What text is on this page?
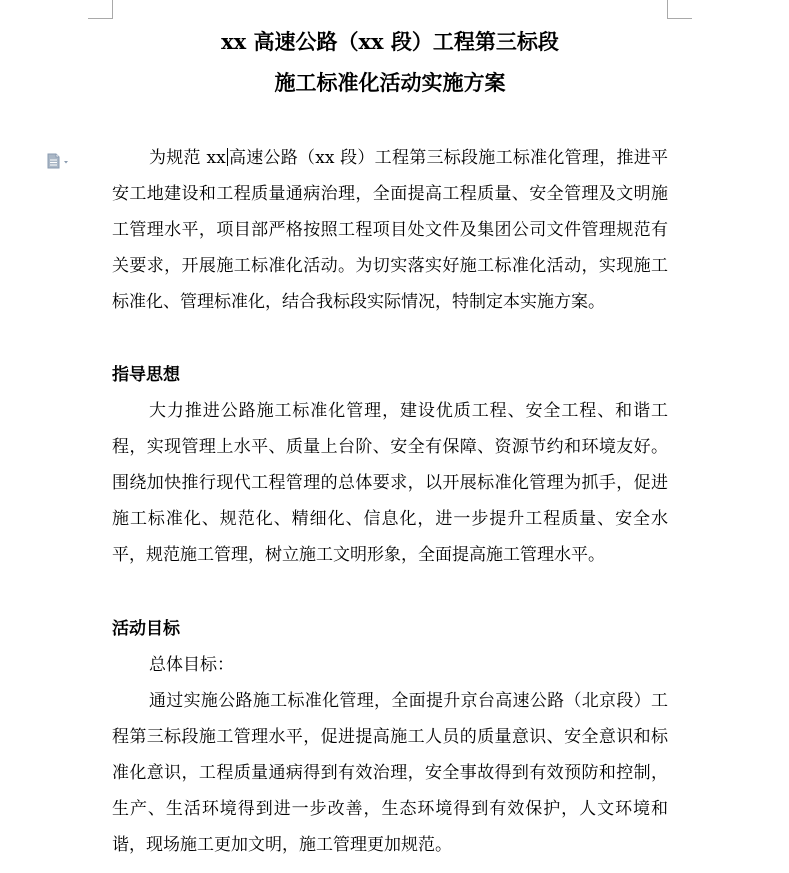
xx 高速公路（xx 段）工程第三标段
施工标准化活动实施方案
为规范 xx 高速公路（xx 段）工程第三标段施工标准化管理，推进平安工地建设和工程质量通病治理，全面提高工程质量、安全管理及文明施工管理水平，项目部严格按照工程项目处文件及集团公司文件管理规范有关要求，开展施工标准化活动。为切实落实好施工标准化活动，实现施工标准化、管理标准化，结合我标段实际情况，特制定本实施方案。
指导思想
大力推进公路施工标准化管理，建设优质工程、安全工程、和谐工程，实现管理上水平、质量上台阶、安全有保障、资源节约和环境友好。围绕加快推行现代工程管理的总体要求，以开展标准化管理为抓手，促进施工标准化、规范化、精细化、信息化，进一步提升工程质量、安全水平，规范施工管理，树立施工文明形象，全面提高施工管理水平。
活动目标
总体目标：
通过实施公路施工标准化管理，全面提升京台高速公路（北京段）工程第三标段施工管理水平，促进提高施工人员的质量意识、安全意识和标准化意识，工程质量通病得到有效治理，安全事故得到有效预防和控制，生产、生活环境得到进一步改善，生态环境得到有效保护，人文环境和谐，现场施工更加文明，施工管理更加规范。
